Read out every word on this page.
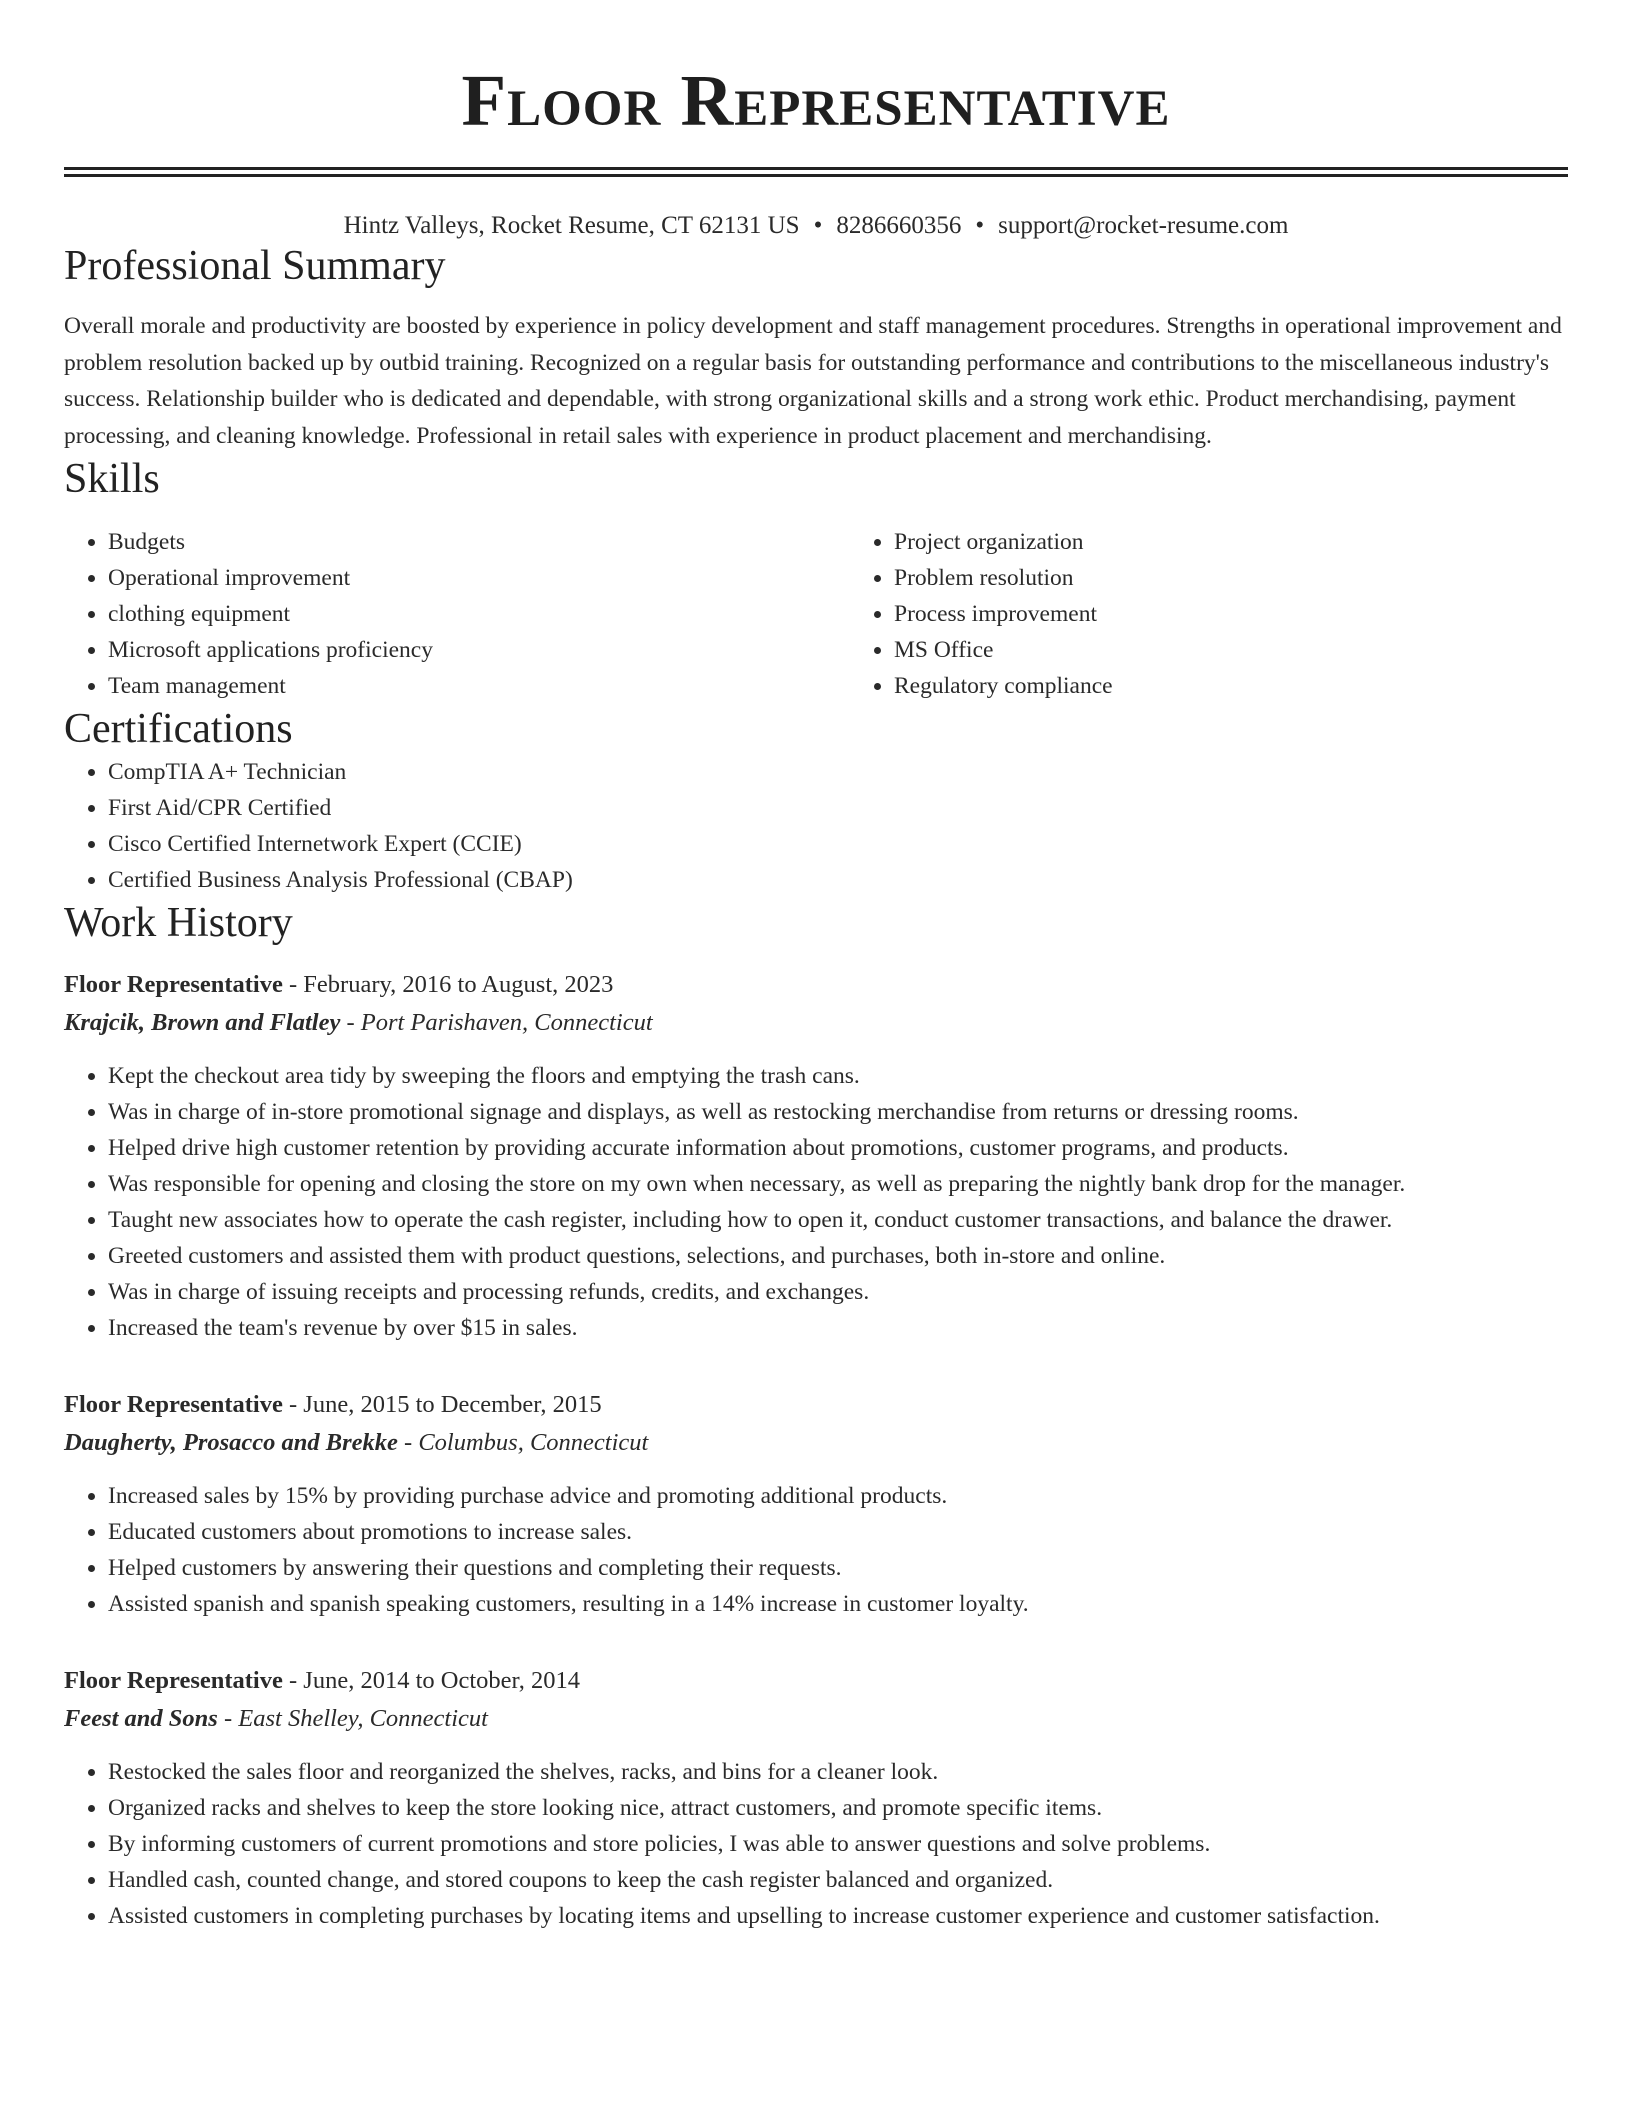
Floor Representative
Hintz Valleys, Rocket Resume, CT 62131 US • 8286660356 • support@rocket-resume.com
Professional Summary

Overall morale and productivity are boosted by experience in policy development and staff management procedures. Strengths in operational improvement and problem resolution backed up by outbid training. Recognized on a regular basis for outstanding performance and contributions to the miscellaneous industry's success. Relationship builder who is dedicated and dependable, with strong organizational skills and a strong work ethic. Product merchandising, payment processing, and cleaning knowledge. Professional in retail sales with experience in product placement and merchandising.

Skills
• Budgets
• Operational improvement
• clothing equipment
• Microsoft applications proficiency
• Team management
• Project organization
• Problem resolution
• Process improvement
• MS Office
• Regulatory compliance
Certifications
• CompTIA A+ Technician
• First Aid/CPR Certified
• Cisco Certified Internetwork Expert (CCIE)
• Certified Business Analysis Professional (CBAP)
Work History
Floor Representative - February, 2016 to August, 2023
Krajcik, Brown and Flatley - Port Parishaven, Connecticut
• Kept the checkout area tidy by sweeping the floors and emptying the trash cans.
• Was in charge of in-store promotional signage and displays, as well as restocking merchandise from returns or dressing rooms.
• Helped drive high customer retention by providing accurate information about promotions, customer programs, and products.
• Was responsible for opening and closing the store on my own when necessary, as well as preparing the nightly bank drop for the manager.
• Taught new associates how to operate the cash register, including how to open it, conduct customer transactions, and balance the drawer.
• Greeted customers and assisted them with product questions, selections, and purchases, both in-store and online.
• Was in charge of issuing receipts and processing refunds, credits, and exchanges.
• Increased the team's revenue by over $15 in sales.
Floor Representative - June, 2015 to December, 2015
Daugherty, Prosacco and Brekke - Columbus, Connecticut
• Increased sales by 15% by providing purchase advice and promoting additional products.
• Educated customers about promotions to increase sales.
• Helped customers by answering their questions and completing their requests.
• Assisted spanish and spanish speaking customers, resulting in a 14% increase in customer loyalty.
Floor Representative - June, 2014 to October, 2014
Feest and Sons - East Shelley, Connecticut
• Restocked the sales floor and reorganized the shelves, racks, and bins for a cleaner look.
• Organized racks and shelves to keep the store looking nice, attract customers, and promote specific items.
• By informing customers of current promotions and store policies, I was able to answer questions and solve problems.
• Handled cash, counted change, and stored coupons to keep the cash register balanced and organized.
• Assisted customers in completing purchases by locating items and upselling to increase customer experience and customer satisfaction.
